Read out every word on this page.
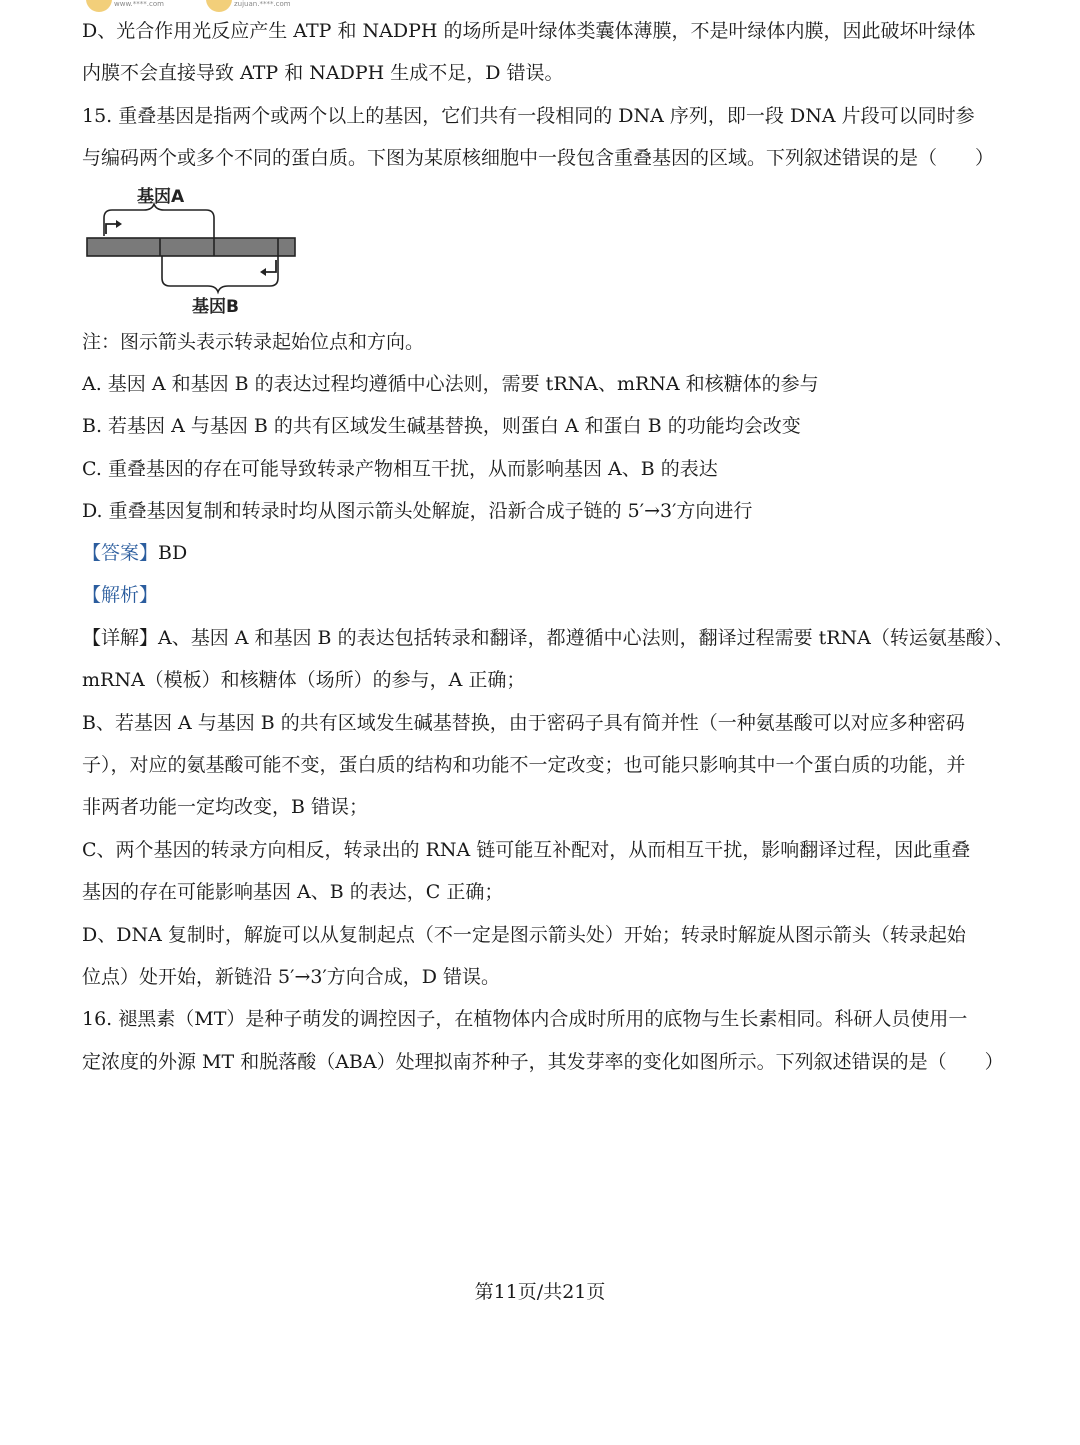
www.****.com	zujuan.****.com
D、光合作用光反应产生 ATP 和 NADPH 的场所是叶绿体类囊体薄膜，不是叶绿体内膜，因此破坏叶绿体
内膜不会直接导致 ATP 和 NADPH 生成不足，D 错误。
15. 重叠基因是指两个或两个以上的基因，它们共有一段相同的 DNA 序列，即一段 DNA 片段可以同时参
与编码两个或多个不同的蛋白质。下图为某原核细胞中一段包含重叠基因的区域。下列叙述错误的是（　　）
基因A
基因B
注：图示箭头表示转录起始位点和方向。
A. 基因 A 和基因 B 的表达过程均遵循中心法则，需要 tRNA、mRNA 和核糖体的参与
B. 若基因 A 与基因 B 的共有区域发生碱基替换，则蛋白 A 和蛋白 B 的功能均会改变
C. 重叠基因的存在可能导致转录产物相互干扰，从而影响基因 A、B 的表达
D. 重叠基因复制和转录时均从图示箭头处解旋，沿新合成子链的 5′→3′方向进行
【答案】BD
【解析】
【详解】A、基因 A 和基因 B 的表达包括转录和翻译，都遵循中心法则，翻译过程需要 tRNA（转运氨基酸）、
mRNA（模板）和核糖体（场所）的参与，A 正确；
B、若基因 A 与基因 B 的共有区域发生碱基替换，由于密码子具有简并性（一种氨基酸可以对应多种密码
子），对应的氨基酸可能不变，蛋白质的结构和功能不一定改变；也可能只影响其中一个蛋白质的功能，并
非两者功能一定均改变，B 错误；
C、两个基因的转录方向相反，转录出的 RNA 链可能互补配对，从而相互干扰，影响翻译过程，因此重叠
基因的存在可能影响基因 A、B 的表达，C 正确；
D、DNA 复制时，解旋可以从复制起点（不一定是图示箭头处）开始；转录时解旋从图示箭头（转录起始
位点）处开始，新链沿 5′→3′方向合成，D 错误。
16. 褪黑素（MT）是种子萌发的调控因子，在植物体内合成时所用的底物与生长素相同。科研人员使用一
定浓度的外源 MT 和脱落酸（ABA）处理拟南芥种子，其发芽率的变化如图所示。下列叙述错误的是（　　）
第11页/共21页
